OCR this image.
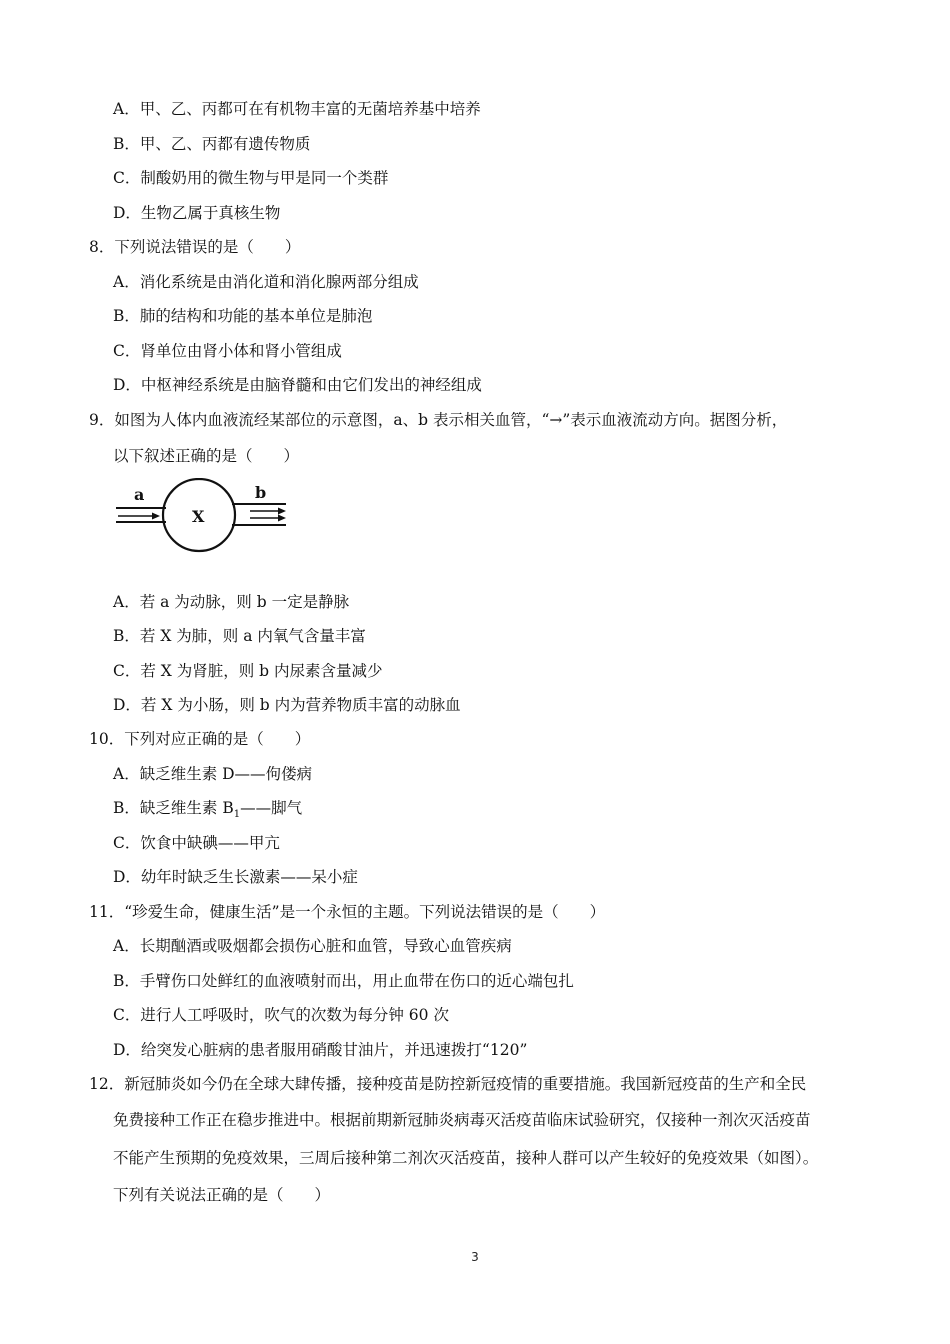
A．甲、乙、丙都可在有机物丰富的无菌培养基中培养
B．甲、乙、丙都有遗传物质
C．制酸奶用的微生物与甲是同一个类群
D．生物乙属于真核生物
8．下列说法错误的是（　　）
A．消化系统是由消化道和消化腺两部分组成
B．肺的结构和功能的基本单位是肺泡
C．肾单位由肾小体和肾小管组成
D．中枢神经系统是由脑脊髓和由它们发出的神经组成
9．如图为人体内血液流经某部位的示意图，a、b 表示相关血管，“→”表示血液流动方向。据图分析，
以下叙述正确的是（　　）
a	b
X
A．若 a 为动脉，则 b 一定是静脉
B．若 X 为肺，则 a 内氧气含量丰富
C．若 X 为肾脏，则 b 内尿素含量减少
D．若 X 为小肠，则 b 内为营养物质丰富的动脉血
10．下列对应正确的是（　　）
A．缺乏维生素 D——佝偻病
B．缺乏维生素 $B_1——$脚气
C．饮食中缺碘——甲亢
D．幼年时缺乏生长激素——呆小症
11．“珍爱生命，健康生活”是一个永恒的主题。下列说法错误的是（　　）
A．长期酗酒或吸烟都会损伤心脏和血管，导致心血管疾病
B．手臂伤口处鲜红的血液喷射而出，用止血带在伤口的近心端包扎
C．进行人工呼吸时，吹气的次数为每分钟 60 次
D．给突发心脏病的患者服用硝酸甘油片，并迅速拨打“120”
12．新冠肺炎如今仍在全球大肆传播，接种疫苗是防控新冠疫情的重要措施。我国新冠疫苗的生产和全民
免费接种工作正在稳步推进中。根据前期新冠肺炎病毒灭活疫苗临床试验研究，仅接种一剂次灭活疫苗
不能产生预期的免疫效果，三周后接种第二剂次灭活疫苗，接种人群可以产生较好的免疫效果（如图）。
下列有关说法正确的是（　　）
3
